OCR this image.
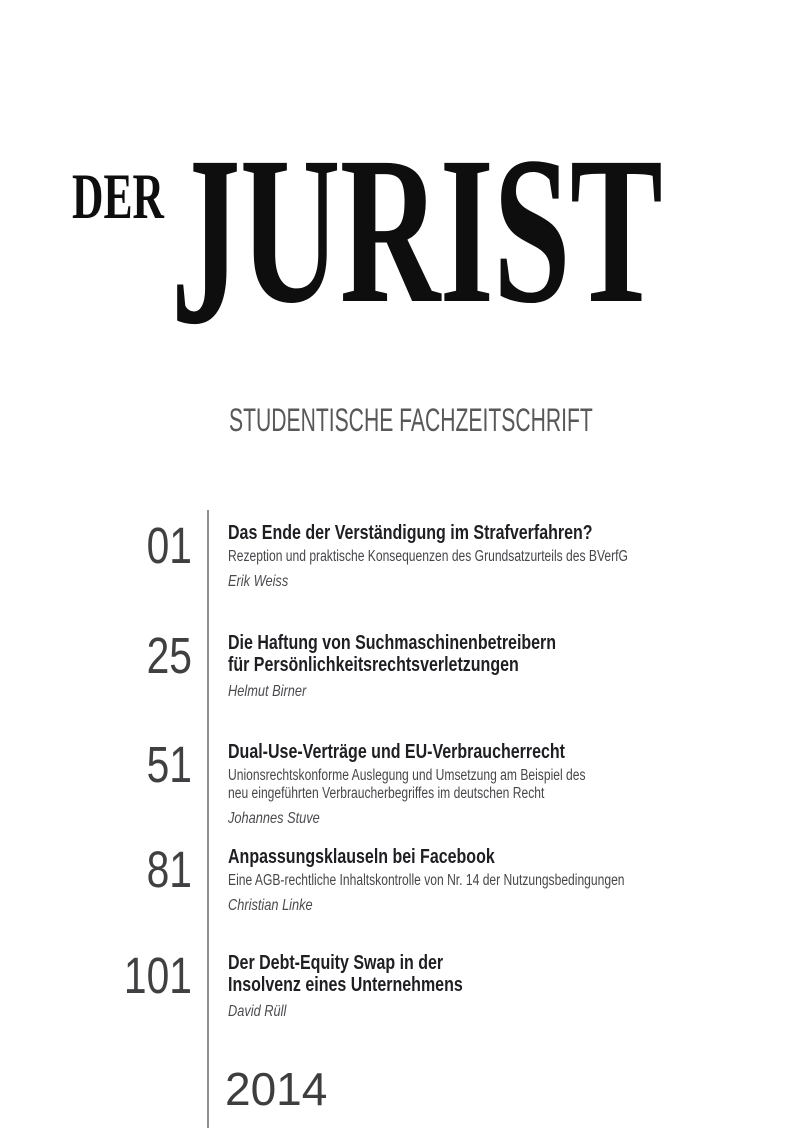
DER JURIST
STUDENTISCHE FACHZEITSCHRIFT
01 Das Ende der Verständigung im Strafverfahren?
Rezeption und praktische Konsequenzen des Grundsatzurteils des BVerfG
Erik Weiss
25 Die Haftung von Suchmaschinenbetreibern
für Persönlichkeitsrechtsverletzungen
Helmut Birner
51 Dual-Use-Verträge und EU-Verbraucherrecht
Unionsrechtskonforme Auslegung und Umsetzung am Beispiel des
neu eingeführten Verbraucherbegriffes im deutschen Recht
Johannes Stuve
81 Anpassungsklauseln bei Facebook
Eine AGB-rechtliche Inhaltskontrolle von Nr. 14 der Nutzungsbedingungen
Christian Linke
101 Der Debt-Equity Swap in der
Insolvenz eines Unternehmens
David Rüll
2014
